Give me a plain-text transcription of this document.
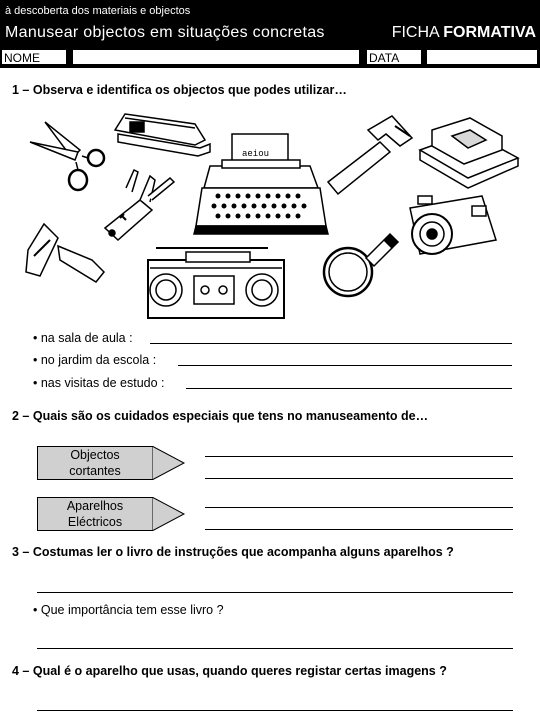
à descoberta dos materiais e objectos
Manusear objectos em situações concretas	FICHA FORMATIVA
NOME	DATA
1 – Observa e identifica os objectos que podes utilizar…
aeiou
• na sala de aula :
• no jardim da escola :
• nas visitas de estudo :
2 – Quais são os cuidados especiais que tens no manuseamento de…
Objectos
cortantes
Aparelhos
Eléctricos
3 – Costumas ler o livro de instruções que acompanha alguns aparelhos ?
• Que importância tem esse livro ?
4 – Qual é o aparelho que usas, quando queres registar certas imagens ?
